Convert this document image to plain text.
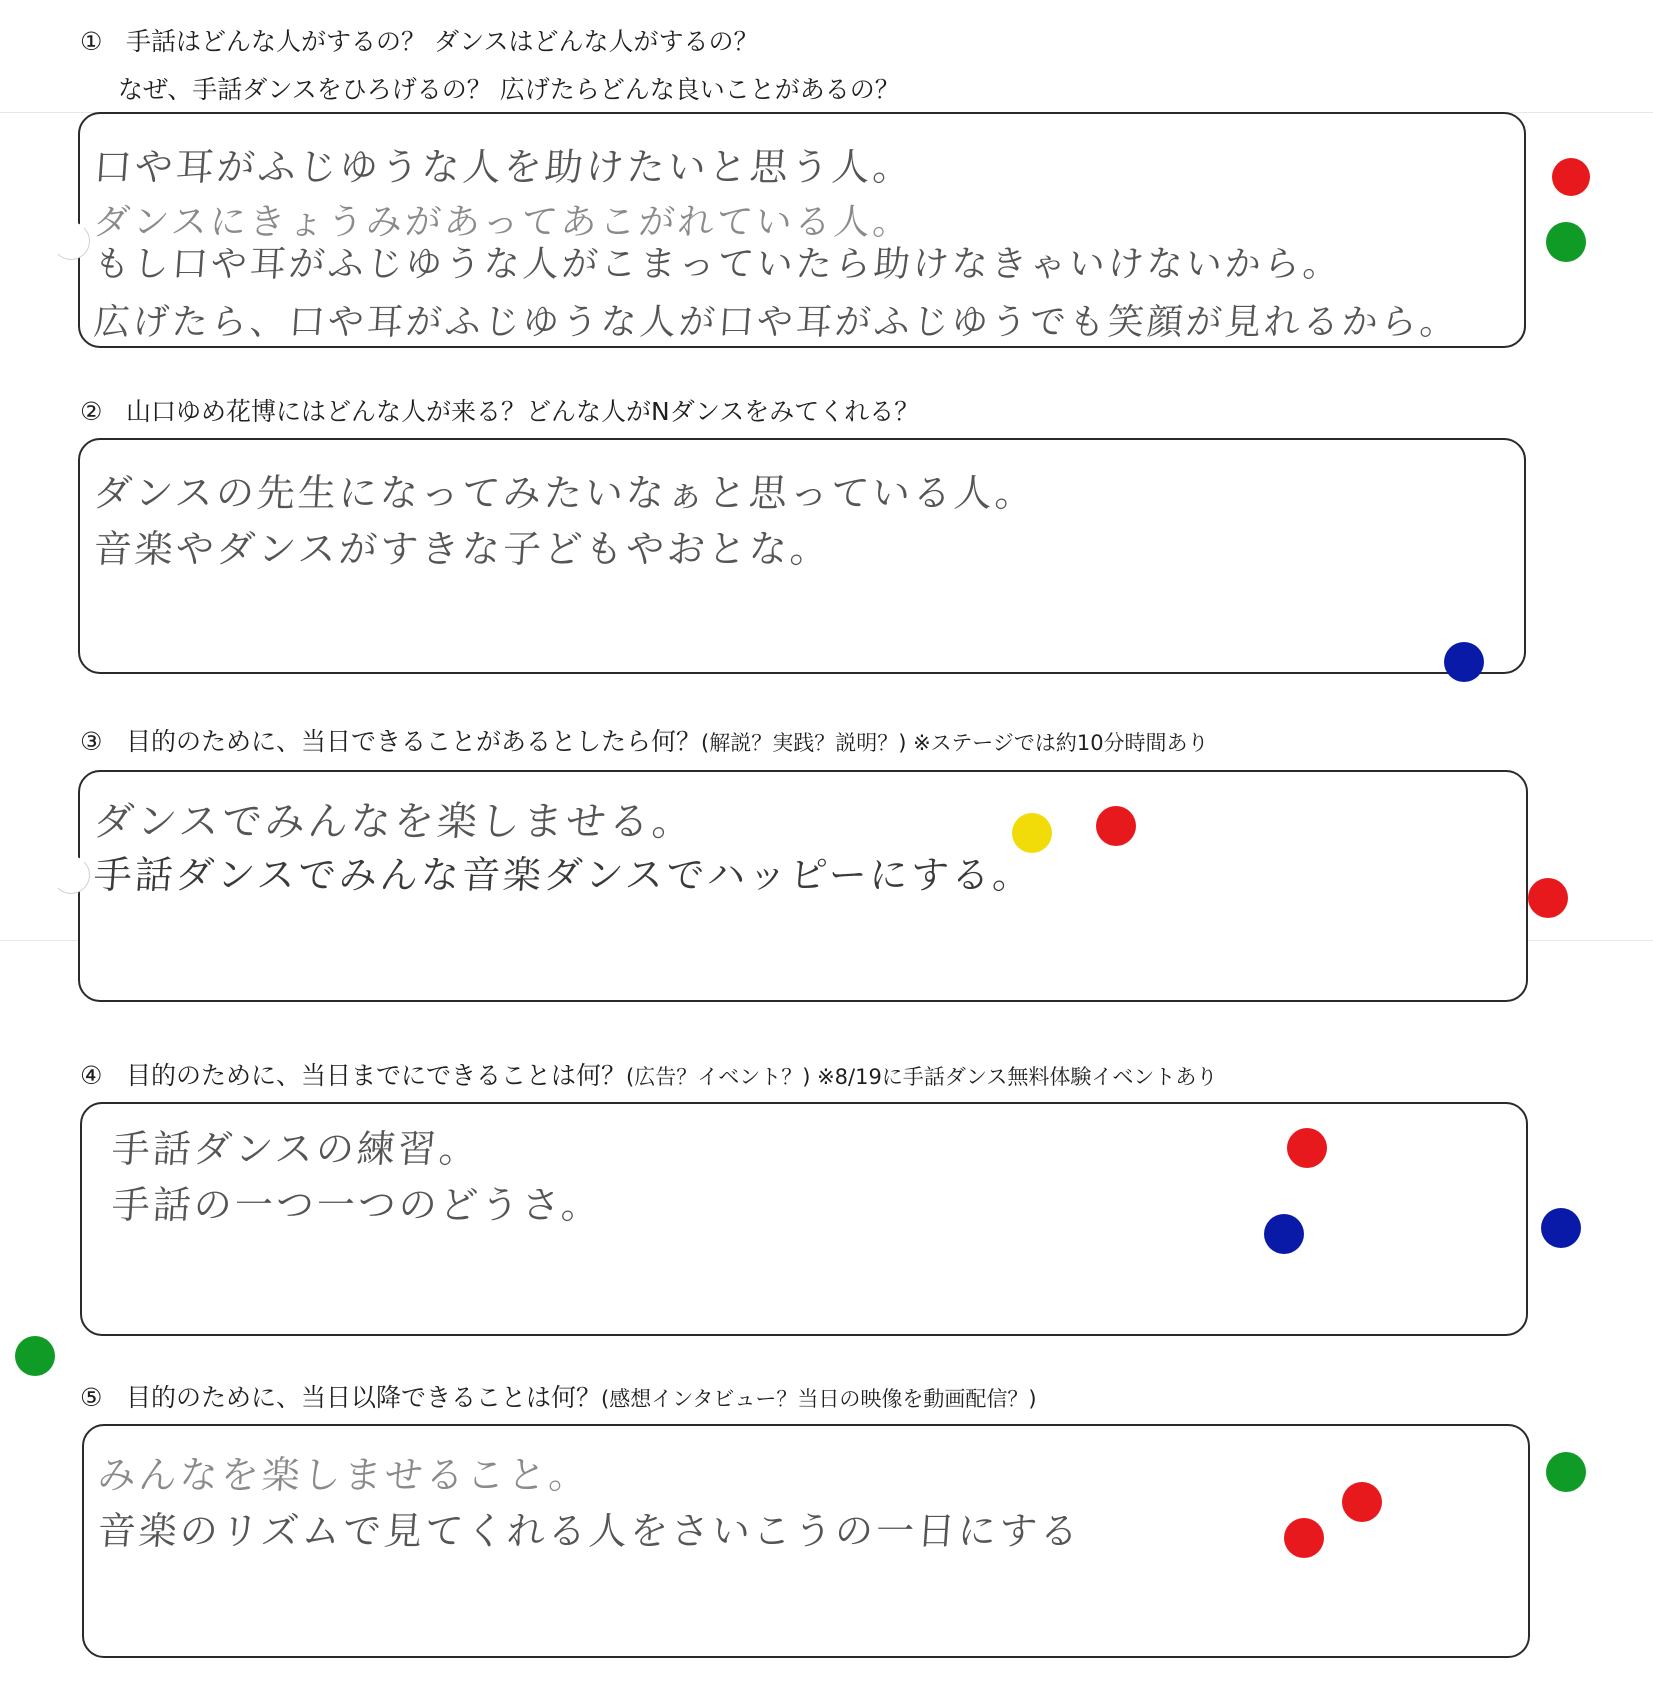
① 手話はどんな人がするの？ ダンスはどんな人がするの？
なぜ、手話ダンスをひろげるの？ 広げたらどんな良いことがあるの？
口や耳がふじゆうな人を助けたいと思う人。
ダンスにきょうみがあってあこがれている人。
もし口や耳がふじゆうな人がこまっていたら助けなきゃいけないから。
広げたら、口や耳がふじゆうな人が口や耳がふじゆうでも笑顔が見れるから。
② 山口ゆめ花博にはどんな人が来る？どんな人がNダンスをみてくれる？
ダンスの先生になってみたいなぁと思っている人。
音楽やダンスがすきな子どもやおとな。
③ 目的のために、当日できることがあるとしたら何？(解説？実践？説明？) ※ステージでは約10分時間あり
ダンスでみんなを楽しませる。
手話ダンスでみんな音楽ダンスでハッピーにする。
④ 目的のために、当日までにできることは何？(広告？イベント？) ※8/19に手話ダンス無料体験イベントあり
手話ダンスの練習。
手話の一つ一つのどうさ。
⑤ 目的のために、当日以降できることは何？(感想インタビュー？当日の映像を動画配信？)
みんなを楽しませること。
音楽のリズムで見てくれる人をさいこうの一日にする
